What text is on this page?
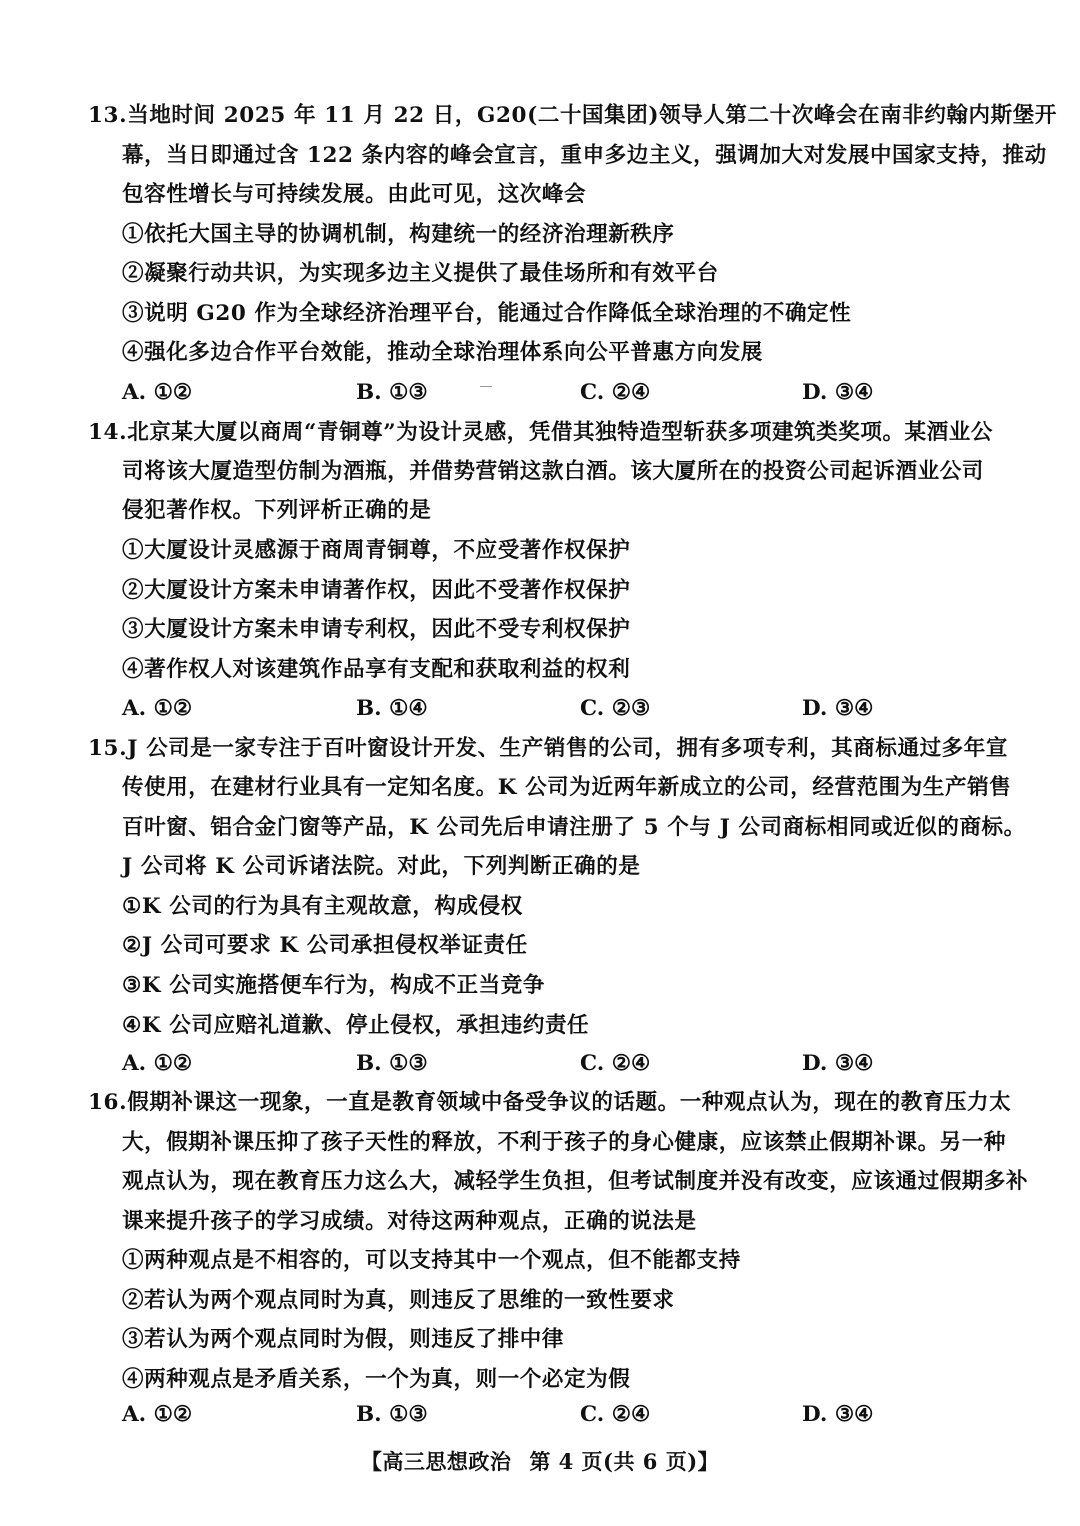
13.当地时间 2025 年 11 月 22 日，G20(二十国集团)领导人第二十次峰会在南非约翰内斯堡开
幕，当日即通过含 122 条内容的峰会宣言，重申多边主义，强调加大对发展中国家支持，推动
包容性增长与可持续发展。由此可见，这次峰会
①依托大国主导的协调机制，构建统一的经济治理新秩序
②凝聚行动共识，为实现多边主义提供了最佳场所和有效平台
③说明 G20 作为全球经济治理平台，能通过合作降低全球治理的不确定性
④强化多边合作平台效能，推动全球治理体系向公平普惠方向发展
A. ①②	B. ①③	C. ②④	D. ③④
14.北京某大厦以商周“青铜尊”为设计灵感，凭借其独特造型斩获多项建筑类奖项。某酒业公
司将该大厦造型仿制为酒瓶，并借势营销这款白酒。该大厦所在的投资公司起诉酒业公司
侵犯著作权。下列评析正确的是
①大厦设计灵感源于商周青铜尊，不应受著作权保护
②大厦设计方案未申请著作权，因此不受著作权保护
③大厦设计方案未申请专利权，因此不受专利权保护
④著作权人对该建筑作品享有支配和获取利益的权利
A. ①②	B. ①④	C. ②③	D. ③④
15.J 公司是一家专注于百叶窗设计开发、生产销售的公司，拥有多项专利，其商标通过多年宣
传使用，在建材行业具有一定知名度。K 公司为近两年新成立的公司，经营范围为生产销售
百叶窗、铝合金门窗等产品，K 公司先后申请注册了 5 个与 J 公司商标相同或近似的商标。
J 公司将 K 公司诉诸法院。对此，下列判断正确的是
①K 公司的行为具有主观故意，构成侵权
②J 公司可要求 K 公司承担侵权举证责任
③K 公司实施搭便车行为，构成不正当竞争
④K 公司应赔礼道歉、停止侵权，承担违约责任
A. ①②	B. ①③	C. ②④	D. ③④
16.假期补课这一现象，一直是教育领域中备受争议的话题。一种观点认为，现在的教育压力太
大，假期补课压抑了孩子天性的释放，不利于孩子的身心健康，应该禁止假期补课。另一种
观点认为，现在教育压力这么大，减轻学生负担，但考试制度并没有改变，应该通过假期多补
课来提升孩子的学习成绩。对待这两种观点，正确的说法是
①两种观点是不相容的，可以支持其中一个观点，但不能都支持
②若认为两个观点同时为真，则违反了思维的一致性要求
③若认为两个观点同时为假，则违反了排中律
④两种观点是矛盾关系，一个为真，则一个必定为假
A. ①②	B. ①③	C. ②④	D. ③④
【高三思想政治 第 4 页(共 6 页)】
